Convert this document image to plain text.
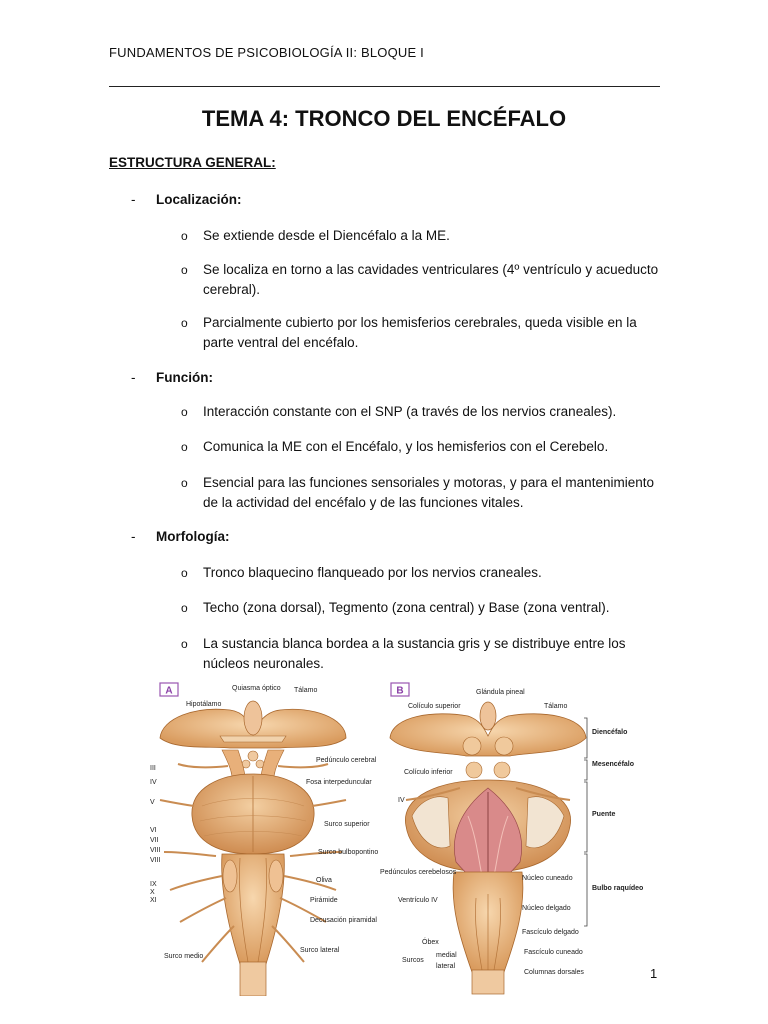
FUNDAMENTOS DE PSICOBIOLOGÍA II: BLOQUE I
TEMA 4: TRONCO DEL ENCÉFALO
ESTRUCTURA GENERAL:
- Localización:
o Se extiende desde el Diencéfalo a la ME.
o Se localiza en torno a las cavidades ventriculares (4º ventrículo y acueducto cerebral).
o Parcialmente cubierto por los hemisferios cerebrales, queda visible en la parte ventral del encéfalo.
- Función:
o Interacción constante con el SNP (a través de los nervios craneales).
o Comunica la ME con el Encéfalo, y los hemisferios con el Cerebelo.
o Esencial para las funciones sensoriales y motoras, y para el mantenimiento de la actividad del encéfalo y de las funciones vitales.
- Morfología:
o Tronco blaquecino flanqueado por los nervios craneales.
o Techo (zona dorsal), Tegmento (zona central) y Base (zona ventral).
o La sustancia blanca bordea a la sustancia gris y se distribuye entre los núcleos neuronales.
A	Quiasma óptico Tálamo
Hipotálamo
III
Pedúnculo cerebral
Fosa interpeduncular
IV
V
Surco superior
VI
VII
VIII
VIII
Surco bulbopontino
Oliva
IX
X
XI	Pirámide
Decusación piramidal
Surco medio
Surco lateral
B	Glándula pineal
Colículo superior	Tálamo
Diencéfalo
Mesencéfalo
Colículo inferior
IV
Puente
Pedúnculos cerebelosos
Núcleo cuneado
Bulbo raquídeo
Ventrículo IV
Núcleo delgado
Fascículo delgado
Óbex
Fascículo cuneado
Surcos
medial
lateral
Columnas dorsales	1
